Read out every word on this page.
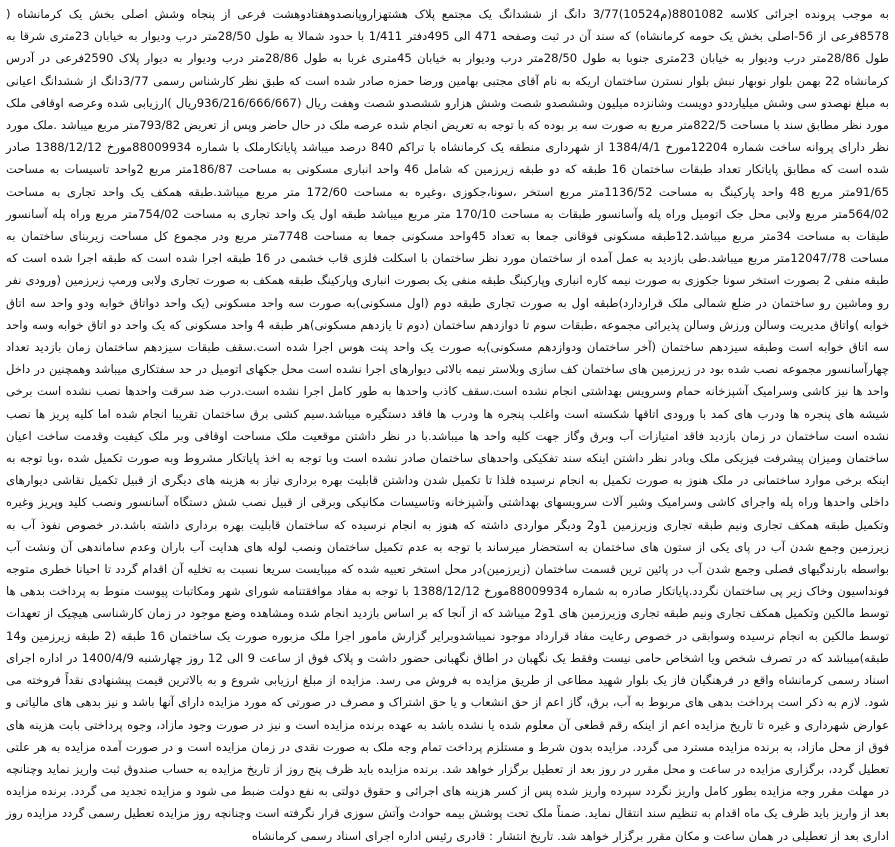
به موجب پرونده اجرائی کلاسه 8801082(م10524)3/77 دانگ از ششدانگ یک مجتمع پلاک هشتهزاروپانصدوهفتادوهشت فرعی از پنجاه وشش اصلی بخش یک کرمانشاه ( 8578فرعی از 56-اصلی بخش یک حومه کرمانشاه) که سند آن در ثبت وصفحه 471 الی 495دفتر 1/411 با حدود شمالا به طول 28/50متر درب وديوار به خيابان 23متری شرقا به طول 28/86متر درب وديوار به خيابان 23متری جنوبا به طول 28/50متر درب وديوار به خيابان 45متری غربا به طول 28/86متر درب وديوار به ديوار پلاک 2590فرعی در آدرس کرمانشاه 22 بهمن بلوار نوبهار نبش بلوار نسترن ساختمان اريکه به نام آقای مجتبی بهامين ورضا حمزه صادر شده است که طبق نظر کارشناس رسمی 3/77دانگ از ششدانگ اعيانی به مبلغ نهصدو سی وشش ميليارددو دويست وشانزده ميليون وششصدو شصت وشش هزارو ششصدو شصت وهفت ريال (936/216/666/667ريال )ارزيابی شده وعرصه اوقافی ملک مورد نظر مطابق سند با مساحت 822/5متر مربع به صورت سه بر بوده که با توجه به تعريض انجام شده عرصه ملک در حال حاضر وپس از تعريض 793/82متر مربع ميباشد .ملک مورد نظر دارای پروانه ساخت شماره 12204مورخ 1384/4/1 از شهرداری منطقه يک کرمانشاه با تراکم 840 درصد ميباشد پاياتکارملک با شماره 88009934مورخ 1388/12/12 صادر شده است که مطابق پاياتکار تعداد طبقات ساختمان 16 طبقه که دو طبقه زيرزمين که شامل 46 واحد انباری مسکونی به مساحت 186/87متر مربع 2واحد تاسيسات به مساحت 91/65متر مربع 48 واحد پارکينگ به مساحت 1136/52متر مربع استخر ،سونا،جکوزی ،وغيره به مساحت 172/60 متر مربع ميباشد.طبقه همکف يک واحد تجاری به مساحت 564/02متر مربع ولابی محل جک اتوميل وراه پله وآسانسور طبقات به مساحت 170/10 متر مربع ميباشد طبقه اول يک واحد تجاری به مساحت 754/02متر مربع وراه پله آسانسور طبقات به مساحت 34متر مربع ميباشد.12طبقه مسکونی فوقانی جمعا به تعداد 45واحد مسکونی جمعا به مساحت 7748متر مربع ودر مجموع کل مساحت زيربنای ساختمان به مساحت 12047/78متر مربع ميباشد.طی بازديد به عمل آمده از ساختمان مورد نظر ساختمان با اسکلت فلزی قاب خشمی در 16 طبقه اجرا شده است که طبقه اجرا شده است که طبقه منفی 2 بصورت استخر سونا جکوزی به صورت نيمه کاره انباری وپارکينگ طبقه منفی يک بصورت انباری وپارکينگ طبقه همکف به صورت تجاری ولابی ورمپ زيرزمين (ورودی نفر رو وماشين رو ساختمان در ضلع شمالی ملک قراردارد)طبقه اول به صورت تجاری طبقه دوم (اول مسکونی)به صورت سه واحد مسکونی (يک واحد دواتاق خوابه ودو واحد سه اتاق خوابه )واتاق مديريت وسالن ورزش وسالن پذيرائی مجموعه ،طبقات سوم تا دوازدهم ساختمان (دوم تا يازدهم مسکونی)هر طبقه 4 واحد مسکونی که يک واحد دو اتاق خوابه وسه واحد سه اتاق خوابه است وطبقه سيزدهم ساختمان (آخر ساختمان ودوازدهم مسکونی)به صورت يک واحد پنت هوس اجرا شده است.سقف طبقات سيزدهم ساختمان زمان بازديد تعداد چهارآسانسور مجموعه نصب شده بود در زيرزمين های ساختمان کف سازی وبلاستر نيمه بالائی ديوارهای اجرا نشده است محل جکهای اتوميل در حد سفتکاری ميباشد وهمچنين در داخل واحد ها نيز کاشی وسراميک آشپزخانه حمام وسرويس بهداشتی انجام نشده است.سقف کاذب واحدها به طور کامل اجرا نشده است.درب ضد سرقت واحدها نصب نشده است برخی شيشه های پنجره ها ودرب های کمد با ورودی اتاقها شکسته است واغلب پنجره ها ودرب ها فاقد دستگيره ميباشد.سيم کشی برق ساختمان تقريبا انجام شده اما کليه پريز ها نصب نشده است ساختمان در زمان بازديد فاقد امتيازات آب وبرق وگاز جهت کليه واحد ها ميباشد.با در نظر داشتن موقعيت ملک مساحت اوقافی وبر ملک کيفيت وقدمت ساخت اعيان ساختمان وميزان پيشرفت فيزيکی ملک وبادر نظر داشتن اينکه سند تفکيکی واحدهای ساختمان صادر نشده است وبا توجه به اخذ پاياتکار مشروط وبه صورت تکميل شده ،وبا توجه به اينکه برخی موارد ساختمانی در ملک هنوز به صورت تکميل به انجام نرسيده فلذا تا تکميل شدن وداشتن قابليت بهره برداری نياز به هزينه های ديگری از قبيل تکميل نقاشی ديوارهای داخلی واحدها وراه پله واجرای کاشی وسراميک وشير آلات سرويسهای بهداشتی وآشپزخانه وتاسيسات مکانيکی وبرقی از قبيل نصب شش دستگاه آسانسور ونصب کليد وپريز وغيره وتکميل طبقه همکف تجاری ونيم طبقه تجاری وزيرزمين 1و2 وديگر مواردی داشته که هنوز به انجام نرسيده که ساختمان قابليت بهره برداری داشته باشد.در خصوص نفوذ آب به زيرزمين وجمع شدن آب در پای يکی از ستون های ساختمان به استحضار ميرساند با توجه به عدم تکميل ساختمان ونصب لوله های هدايت آب باران وعدم ساماندهی آن ونشت آب بواسطه بارندگيهای فصلی وجمع شدن آب در پائين ترين قسمت ساختمان (زيرزمين)در محل استخر تعبيه شده که ميبايست سريعا نسبت به تخليه آن اقدام گردد تا احيانا خطری متوجه فونداسيون وخاک زير پی ساختمان نگردد.پاياتکار صادره به شماره 88009934مورخ 1388/12/12 با توجه به مفاد موافقتنامه شورای شهر ومکاتبات پيوست منوط به پرداخت بدهی ها توسط مالکين وتکميل همکف تجاری ونيم طبقه تجاری وزيرزمين های 1و2 ميباشد که از آنجا که بر اساس بازديد انجام شده ومشاهده وضع موجود در زمان کارشناسی هيچيک از تعهدات توسط مالکين به انجام نرسيده وسوابقی در خصوص رعايت مفاد قرارداد موجود نميباشدوبراير گزارش مامور اجرا ملک مزبوره صورت يک ساختمان 16 طبقه (2 طبقه زيرزمين و14 طبقه)ميباشد که در تصرف شخص ويا اشخاص حامی نيست وفقط يک نگهبان در اطاق نگهبانی حضور داشت و پلاک فوق از ساعت 9 الی 12 روز چهارشنبه 1400/4/9 در اداره اجرای اسناد رسمی کرمانشاه واقع در فرهنگيان فاز يک بلوار شهيد مطاعی از طريق مزايده به فروش می رسد. مزايده از مبلغ ارزيابی شروع و به بالاترين قيمت پيشنهادی نقداً فروخته می شود. لازم به ذکر است پرداخت بدهی های مربوط به آب، برق، گاز اعم از حق انشعاب و يا حق اشتراک و مصرف در صورتی که مورد مزايده دارای آنها باشد و نيز بدهی های مالياتی و عوارض شهرداری و غيره تا تاريخ مزايده اعم از اينکه رقم قطعی آن معلوم شده يا نشده باشد به عهده برنده مزايده است و نيز در صورت وجود مازاد، وجوه پرداختی بابت هزينه های فوق از محل مازاد، به برنده مزايده مسترد می گردد. مزايده بدون شرط و مستلزم پرداخت تمام وجه ملک به صورت نقدی در زمان مزايده است و در صورت آمده مزايده به هر علتی تعطيل گردد، برگزاری مزايده در ساعت و محل مقرر در روز بعد از تعطيل برگزار خواهد شد. برنده مزايده بايد ظرف پنج روز از تاريخ مزايده به حساب صندوق ثبت واريز نمايد وچنانچه در مهلت مقرر وجه مزايده بطور کامل واريز نگردد سپرده واريز شده پس از کسر هزينه های اجرائی و حقوق دولتی به نفع دولت ضبط می شود و مزايده تجديد می گردد. برنده مزايده بعد از واريز بايد ظرف يک ماه اقدام به تنظيم سند انتقال نمايد. ضمناً ملک تحت پوشش بيمه حوادث وآتش سوزی قرار نگرفته است وچنانچه روز مزايده تعطيل رسمی گردد مزايده روز اداری بعد از تعطيلی در همان ساعت و مکان مقرر برگزار خواهد شد. تاريخ انتشار : قادری رئيس اداره اجرای اسناد رسمی کرمانشاه
